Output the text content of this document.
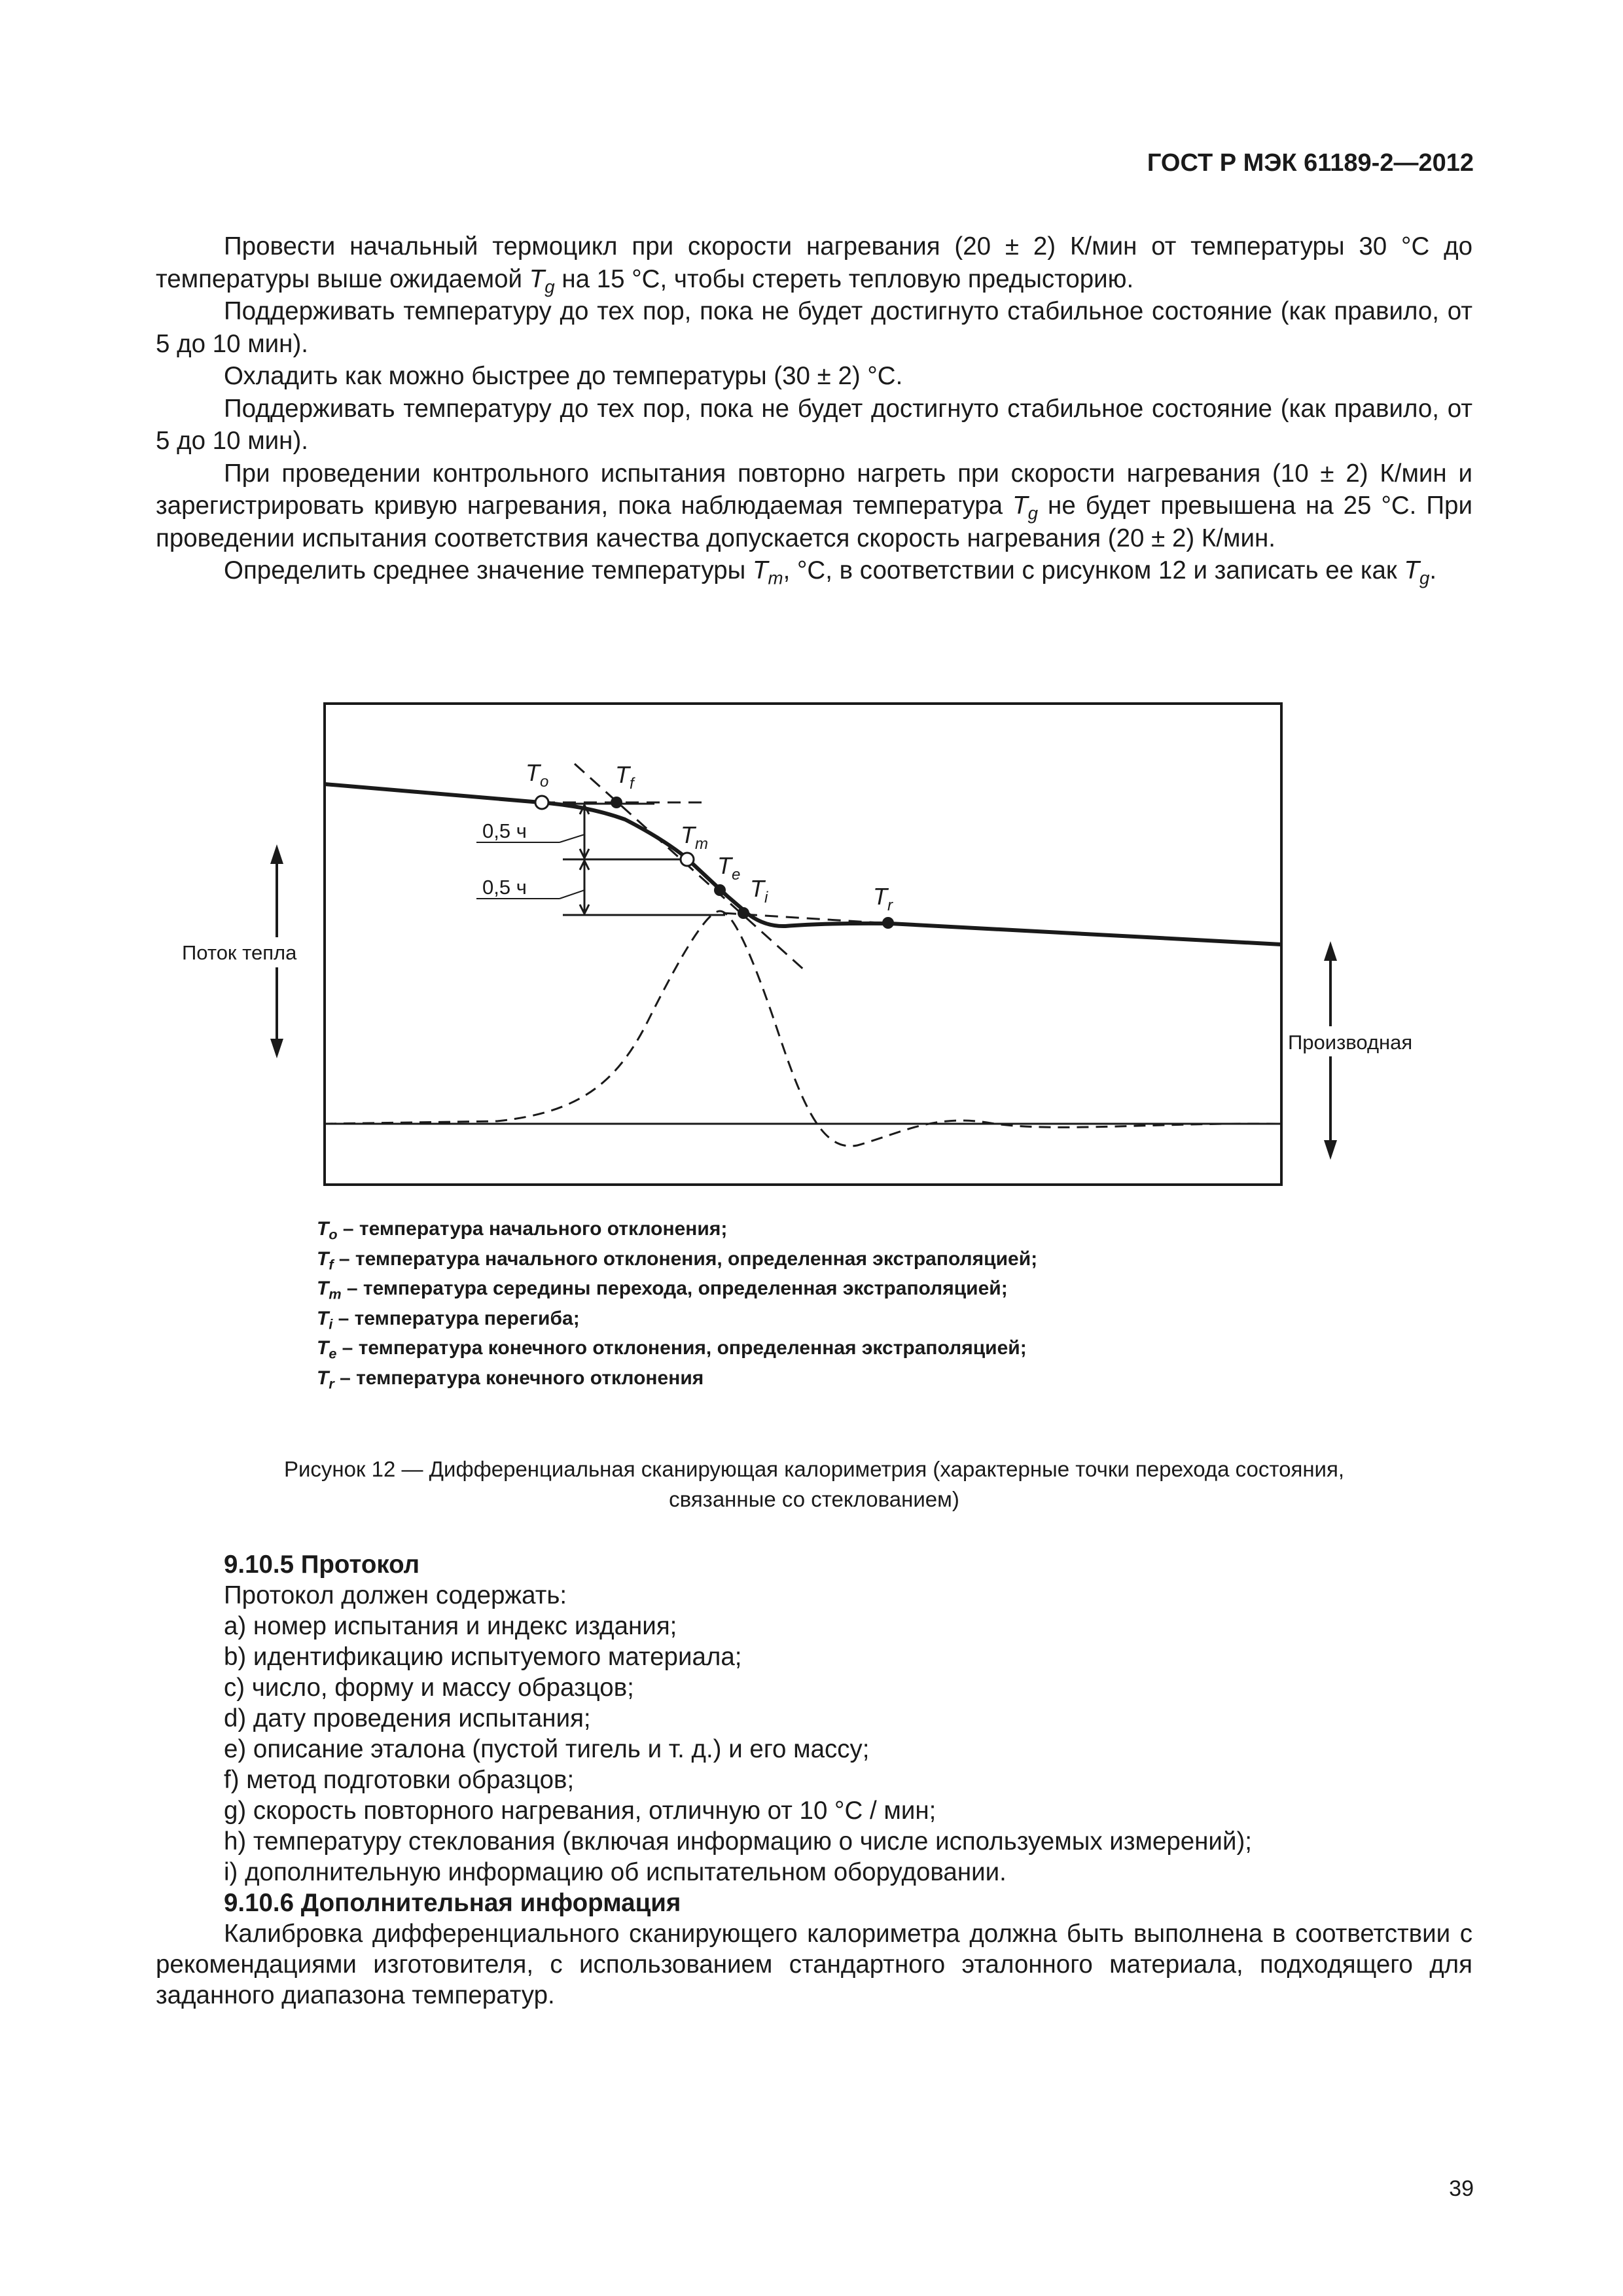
ГОСТ Р МЭК 61189-2—2012

Провести начальный термоцикл при скорости нагревания (20 ± 2) К/мин от температуры 30 °С до температуры выше ожидаемой $T_g$ на 15 °С, чтобы стереть тепловую предысторию.

Поддерживать температуру до тех пор, пока не будет достигнуто стабильное состояние (как правило, от 5 до 10 мин).

Охладить как можно быстрее до температуры (30 ± 2) °С.

Поддерживать температуру до тех пор, пока не будет достигнуто стабильное состояние (как правило, от 5 до 10 мин).

При проведении контрольного испытания повторно нагреть при скорости нагревания (10 ± 2) К/мин и зарегистрировать кривую нагревания, пока наблюдаемая температура $T_g$ не будет превышена на 25 °С. При проведении испытания соответствия качества допускается скорость нагревания (20 ± 2) К/мин.

Определить среднее значение температуры $T_m$, °С, в соответствии с рисунком 12 и записать ее как $T_g$.

0,5 ч
0,5 ч
$T_o$	$T_f$
$T_m$
$T_e$
$T_i$	$T_r$
Поток тепла
Производная
$T_o$ – температура начального отклонения;
$T_f$ – температура начального отклонения, определенная экстраполяцией;
$T_m$ – температура середины перехода, определенная экстраполяцией;
$T_i$ – температура перегиба;
$T_e$ – температура конечного отклонения, определенная экстраполяцией;
$T_r$ – температура конечного отклонения
Рисунок 12 — Дифференциальная сканирующая калориметрия (характерные точки перехода состояния,
связанные со стеклованием)
9.10.5 Протокол
Протокол должен содержать:
а) номер испытания и индекс издания;
b) идентификацию испытуемого материала;
c) число, форму и массу образцов;
d) дату проведения испытания;
e) описание эталона (пустой тигель и т. д.) и его массу;
f) метод подготовки образцов;
g) скорость повторного нагревания, отличную от 10 °С / мин;
h) температуру стеклования (включая информацию о числе используемых измерений);
i) дополнительную информацию об испытательном оборудовании.
9.10.6 Дополнительная информация

Калибровка дифференциального сканирующего калориметра должна быть выполнена в соответствии с рекомендациями изготовителя, с использованием стандартного эталонного материала, подходящего для заданного диапазона температур.

39
